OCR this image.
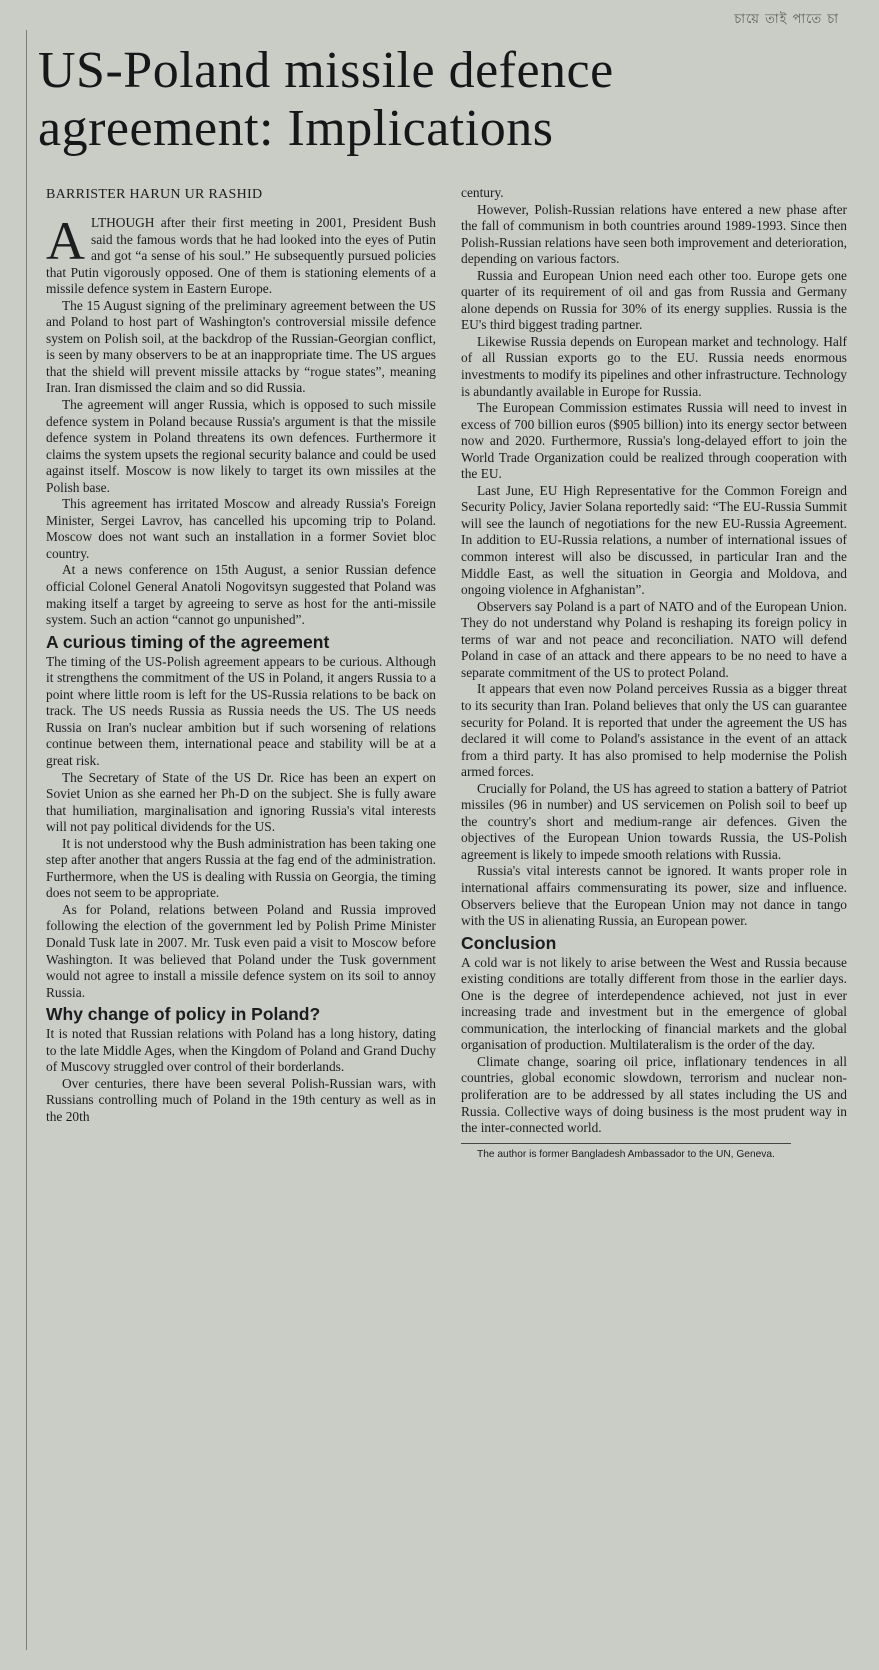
চায়ে তাই পাতে চা
US-Poland missile defence agreement: Implications
BARRISTER HARUN UR RASHID
A LTHOUGH after their first meeting in 2001, President Bush said the famous words that he had looked into the eyes of Putin and got “a sense of his soul.” He subsequently pursued policies that Putin vigorously opposed. One of them is stationing elements of a missile defence system in Eastern Europe.

The 15 August signing of the preliminary agreement between the US and Poland to host part of Washington's controversial missile defence system on Polish soil, at the backdrop of the Russian-Georgian conflict, is seen by many observers to be at an inappropriate time. The US argues that the shield will prevent missile attacks by “rogue states”, meaning Iran. Iran dismissed the claim and so did Russia.

The agreement will anger Russia, which is opposed to such missile defence system in Poland because Russia's argument is that the missile defence system in Poland threatens its own defences. Furthermore it claims the system upsets the regional security balance and could be used against itself. Moscow is now likely to target its own missiles at the Polish base.

This agreement has irritated Moscow and already Russia's Foreign Minister, Sergei Lavrov, has cancelled his upcoming trip to Poland. Moscow does not want such an installation in a former Soviet bloc country.

At a news conference on 15th August, a senior Russian defence official Colonel General Anatoli Nogovitsyn suggested that Poland was making itself a target by agreeing to serve as host for the anti-missile system. Such an action “cannot go unpunished”.

A curious timing of the agreement

The timing of the US-Polish agreement appears to be curious. Although it strengthens the commitment of the US in Poland, it angers Russia to a point where little room is left for the US-Russia relations to be back on track. The US needs Russia as Russia needs the US. The US needs Russia on Iran's nuclear ambition but if such worsening of relations continue between them, international peace and stability will be at a great risk.

The Secretary of State of the US Dr. Rice has been an expert on Soviet Union as she earned her Ph-D on the subject. She is fully aware that humiliation, marginalisation and ignoring Russia's vital interests will not pay political dividends for the US.

It is not understood why the Bush administration has been taking one step after another that angers Russia at the fag end of the administration. Furthermore, when the US is dealing with Russia on Georgia, the timing does not seem to be appropriate.

As for Poland, relations between Poland and Russia improved following the election of the government led by Polish Prime Minister Donald Tusk late in 2007. Mr. Tusk even paid a visit to Moscow before Washington. It was believed that Poland under the Tusk government would not agree to install a missile defence system on its soil to annoy Russia.

Why change of policy in Poland?

It is noted that Russian relations with Poland has a long history, dating to the late Middle Ages, when the Kingdom of Poland and Grand Duchy of Muscovy struggled over control of their borderlands.

Over centuries, there have been several Polish-Russian wars, with Russians controlling much of Poland in the 19th century as well as in the 20th

century.

However, Polish-Russian relations have entered a new phase after the fall of communism in both countries around 1989-1993. Since then Polish-Russian relations have seen both improvement and deterioration, depending on various factors.

Russia and European Union need each other too. Europe gets one quarter of its requirement of oil and gas from Russia and Germany alone depends on Russia for 30% of its energy supplies. Russia is the EU's third biggest trading partner.

Likewise Russia depends on European market and technology. Half of all Russian exports go to the EU. Russia needs enormous investments to modify its pipelines and other infrastructure. Technology is abundantly available in Europe for Russia.

The European Commission estimates Russia will need to invest in excess of 700 billion euros ($905 billion) into its energy sector between now and 2020. Furthermore, Russia's long-delayed effort to join the World Trade Organization could be realized through cooperation with the EU.

Last June, EU High Representative for the Common Foreign and Security Policy, Javier Solana reportedly said: “The EU-Russia Summit will see the launch of negotiations for the new EU-Russia Agreement. In addition to EU-Russia relations, a number of international issues of common interest will also be discussed, in particular Iran and the Middle East, as well the situation in Georgia and Moldova, and ongoing violence in Afghanistan”.

Observers say Poland is a part of NATO and of the European Union. They do not understand why Poland is reshaping its foreign policy in terms of war and not peace and reconciliation. NATO will defend Poland in case of an attack and there appears to be no need to have a separate commitment of the US to protect Poland.

It appears that even now Poland perceives Russia as a bigger threat to its security than Iran. Poland believes that only the US can guarantee security for Poland. It is reported that under the agreement the US has declared it will come to Poland's assistance in the event of an attack from a third party. It has also promised to help modernise the Polish armed forces.

Crucially for Poland, the US has agreed to station a battery of Patriot missiles (96 in number) and US servicemen on Polish soil to beef up the country's short and medium-range air defences. Given the objectives of the European Union towards Russia, the US-Polish agreement is likely to impede smooth relations with Russia.

Russia's vital interests cannot be ignored. It wants proper role in international affairs commensurating its power, size and influence. Observers believe that the European Union may not dance in tango with the US in alienating Russia, an European power.

Conclusion

A cold war is not likely to arise between the West and Russia because existing conditions are totally different from those in the earlier days. One is the degree of interdependence achieved, not just in ever increasing trade and investment but in the emergence of global communication, the interlocking of financial markets and the global organisation of production. Multilateralism is the order of the day.

Climate change, soaring oil price, inflationary tendences in all countries, global economic slowdown, terrorism and nuclear non-proliferation are to be addressed by all states including the US and Russia. Collective ways of doing business is the most prudent way in the inter-connected world.

The author is former Bangladesh Ambassador to the UN, Geneva.
